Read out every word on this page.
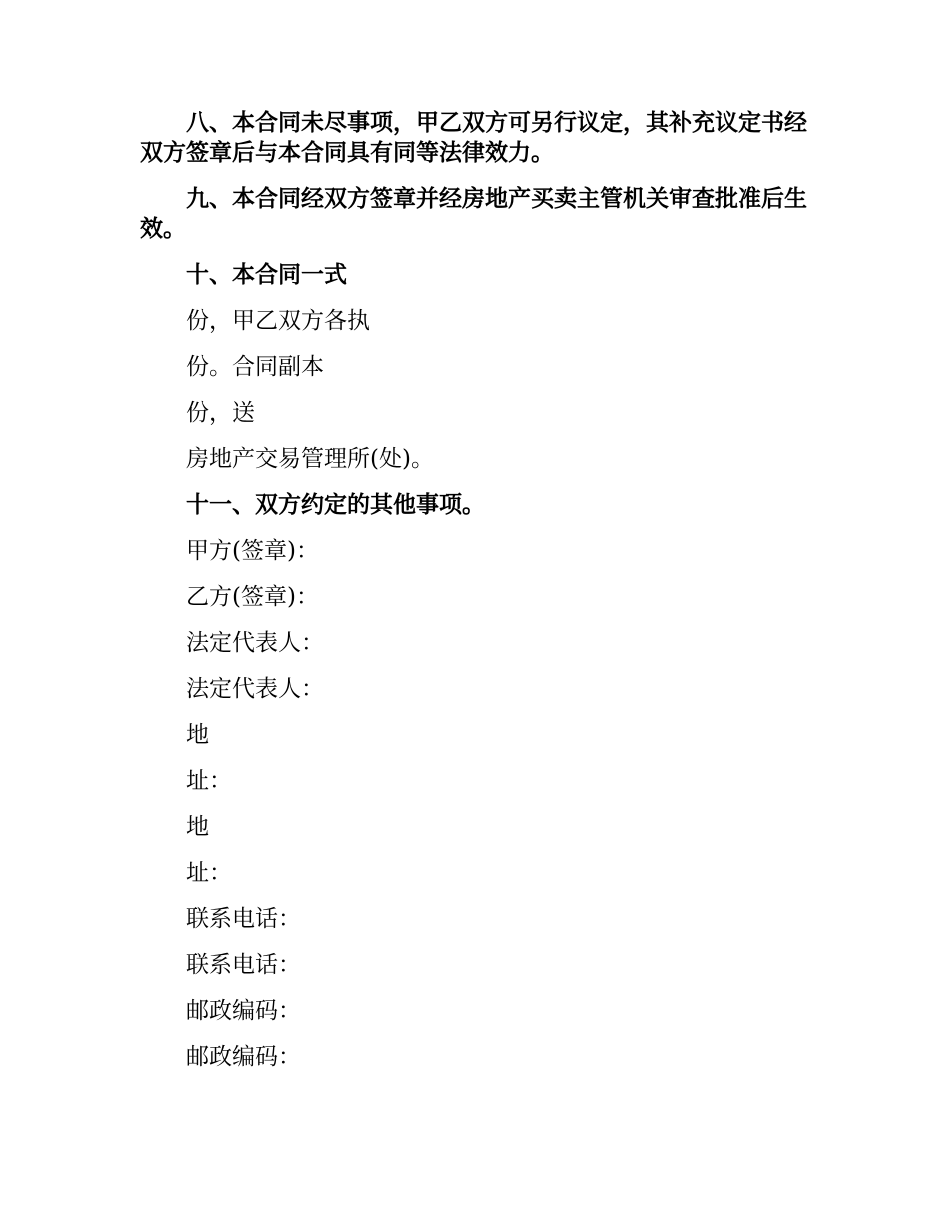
八、本合同未尽事项，甲乙双方可另行议定，其补充议定书经双方签章后与本合同具有同等法律效力。

九、本合同经双方签章并经房地产买卖主管机关审查批准后生效。

十、本合同一式
份，甲乙双方各执
份。合同副本
份，送
房地产交易管理所(处)。
十一、双方约定的其他事项。
甲方(签章)：
乙方(签章)：
法定代表人：
法定代表人：
地
址：
地
址：
联系电话：
联系电话：
邮政编码：
邮政编码：
